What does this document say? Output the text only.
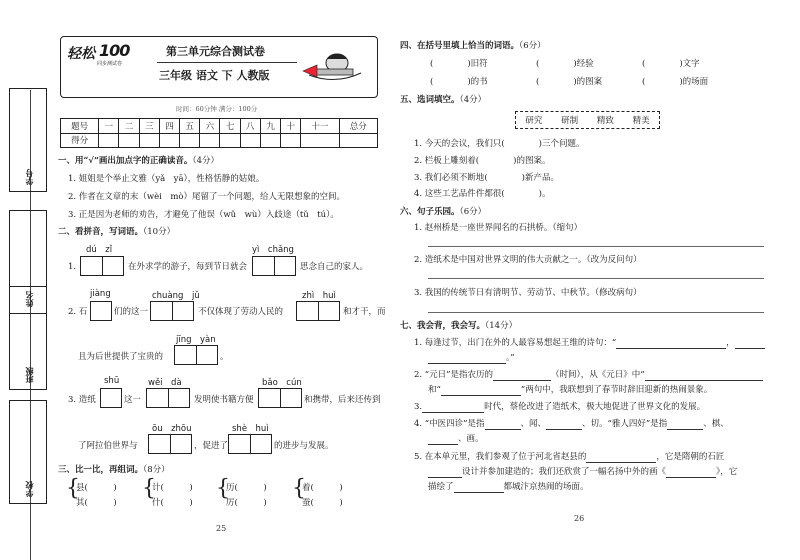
学号
姓名
班级
学校
轻松 100
同步测试卷
第三单元综合测试卷
三年级 语文 下 人教版
时间：60分钟 满分：100分
题号	一	二	三	四	五	六	七	八	九	十	十一	总分
得分												
一、用“√”画出加点字的正确读音。（4分）
1. 姐姐是个举止文雅（yǎ　yā），性格恬静的姑娘。
2. 作者在文章的末（wèi　mò）尾留了一个问题，给人无限想象的空间。
3. 正是因为老师的劝告，才避免了他误（wǔ　wù）入歧途（tǔ　tú）。
二、看拼音，写词语。（10分）
dú　zǐ	yì　chǎng
1.	在外求学的游子，每到节日就会	思念自己的家人。
jiàng	chuàng　jǔ	zhì　huì
2. 石	们的这一	不仅体现了劳动人民的	和才干，而
jīng　yàn
且为后世提供了宝贵的	。
shū	wěi　dà	bǎo　cún
3. 造纸	这一	发明使书籍方便	和携带，后来还传到
ōu　zhōu	shè　huì
了阿拉伯世界与	，促进了	的进步与发展。
三、比一比，再组词。（8分）
{
县(　　　)
其(　　　)
{
计(　　　)
什(　　　)
{
历(　　　)
厉(　　　)
{
着(　　　)
蚕(　　　)
25
四、在括号里填上恰当的词语。（6分）
(　　　　)旧符	(　　　　)经验	(　　　　)文字
(　　　　)的书	(　　　　)的图案	(　　　　)的场面
五、选词填空。（4分）
研究 研制 精致 精美
1. 今天的会议，我们只(　　　　)三个问题。
2. 栏板上雕刻着(　　　　)的图案。
3. 我们必须不断地(　　　　)新产品。
4. 这些工艺品件件都很(　　　　)。
六、句子乐园。（6分）
1. 赵州桥是一座世界闻名的石拱桥。（缩句）
2. 造纸术是中国对世界文明的伟大贡献之一。（改为反问句）
3. 我国的传统节日有清明节、劳动节、中秋节。（修改病句）
七、我会背，我会写。（14分）
1. 每逢过节，出门在外的人最容易想起王维的诗句：“	，
。”
2. “元日”是指农历的	（时间），从《元日》中“
和“	”两句中，我联想到了春节时辞旧迎新的热闹景象。
3.	时代，蔡伦改进了造纸术，极大地促进了世界文化的发展。
4. “中医四诊”是指	、闻、	、切。“雅人四好”是指	、棋、
、画。
5. 在本单元里，我们参观了位于河北省赵县的	，它是隋朝的石匠
设计并参加建造的；我们还欣赏了一幅名扬中外的画《	》，它
描绘了	都城汴京热闹的场面。
26
